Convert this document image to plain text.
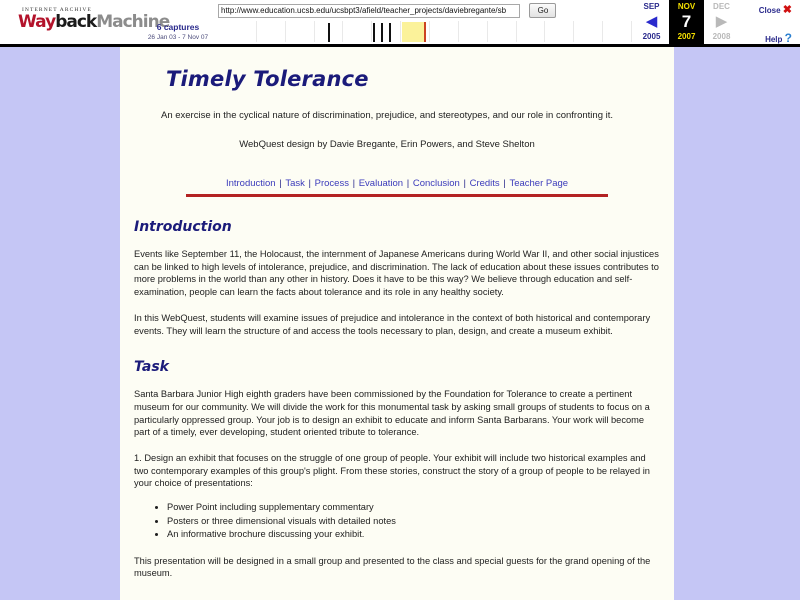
INTERNET ARCHIVE
WaybackMachine
6 captures
26 Jan 03 - 7 Nov 07
http://www.education.ucsb.edu/ucsbpt3/afield/teacher_projects/daviebregante/sb Go	SEP
◀
2005
NOV
7
2007
DEC
▶
2008
Close ✖
Help ?
Timely Tolerance
An exercise in the cyclical nature of discrimination, prejudice, and stereotypes, and our role in confronting it.
WebQuest design by Davie Bregante, Erin Powers, and Steve Shelton
Introduction | Task | Process | Evaluation | Conclusion | Credits | Teacher Page
Introduction

Events like September 11, the Holocaust, the internment of Japanese Americans during World War II, and other social injustices can be linked to high levels of intolerance, prejudice, and discrimination. The lack of education about these issues contributes to more problems in the world than any other in history. Does it have to be this way? We believe through education and self-examination, people can learn the facts about tolerance and its role in any healthy society.

In this WebQuest, students will examine issues of prejudice and intolerance in the context of both historical and contemporary events. They will learn the structure of and access the tools necessary to plan, design, and create a museum exhibit.

Task

Santa Barbara Junior High eighth graders have been commissioned by the Foundation for Tolerance to create a pertinent museum for our community. We will divide the work for this monumental task by asking small groups of students to focus on a particularly oppressed group. Your job is to design an exhibit to educate and inform Santa Barbarans. Your work will become part of a timely, ever developing, student oriented tribute to tolerance.

1. Design an exhibit that focuses on the struggle of one group of people. Your exhibit will include two historical examples and two contemporary examples of this group's plight. From these stories, construct the story of a group of people to be relayed in your choice of presentations:

• Power Point including supplementary commentary
• Posters or three dimensional visuals with detailed notes
• An informative brochure discussing your exhibit.

This presentation will be designed in a small group and presented to the class and special guests for the grand opening of the museum.
